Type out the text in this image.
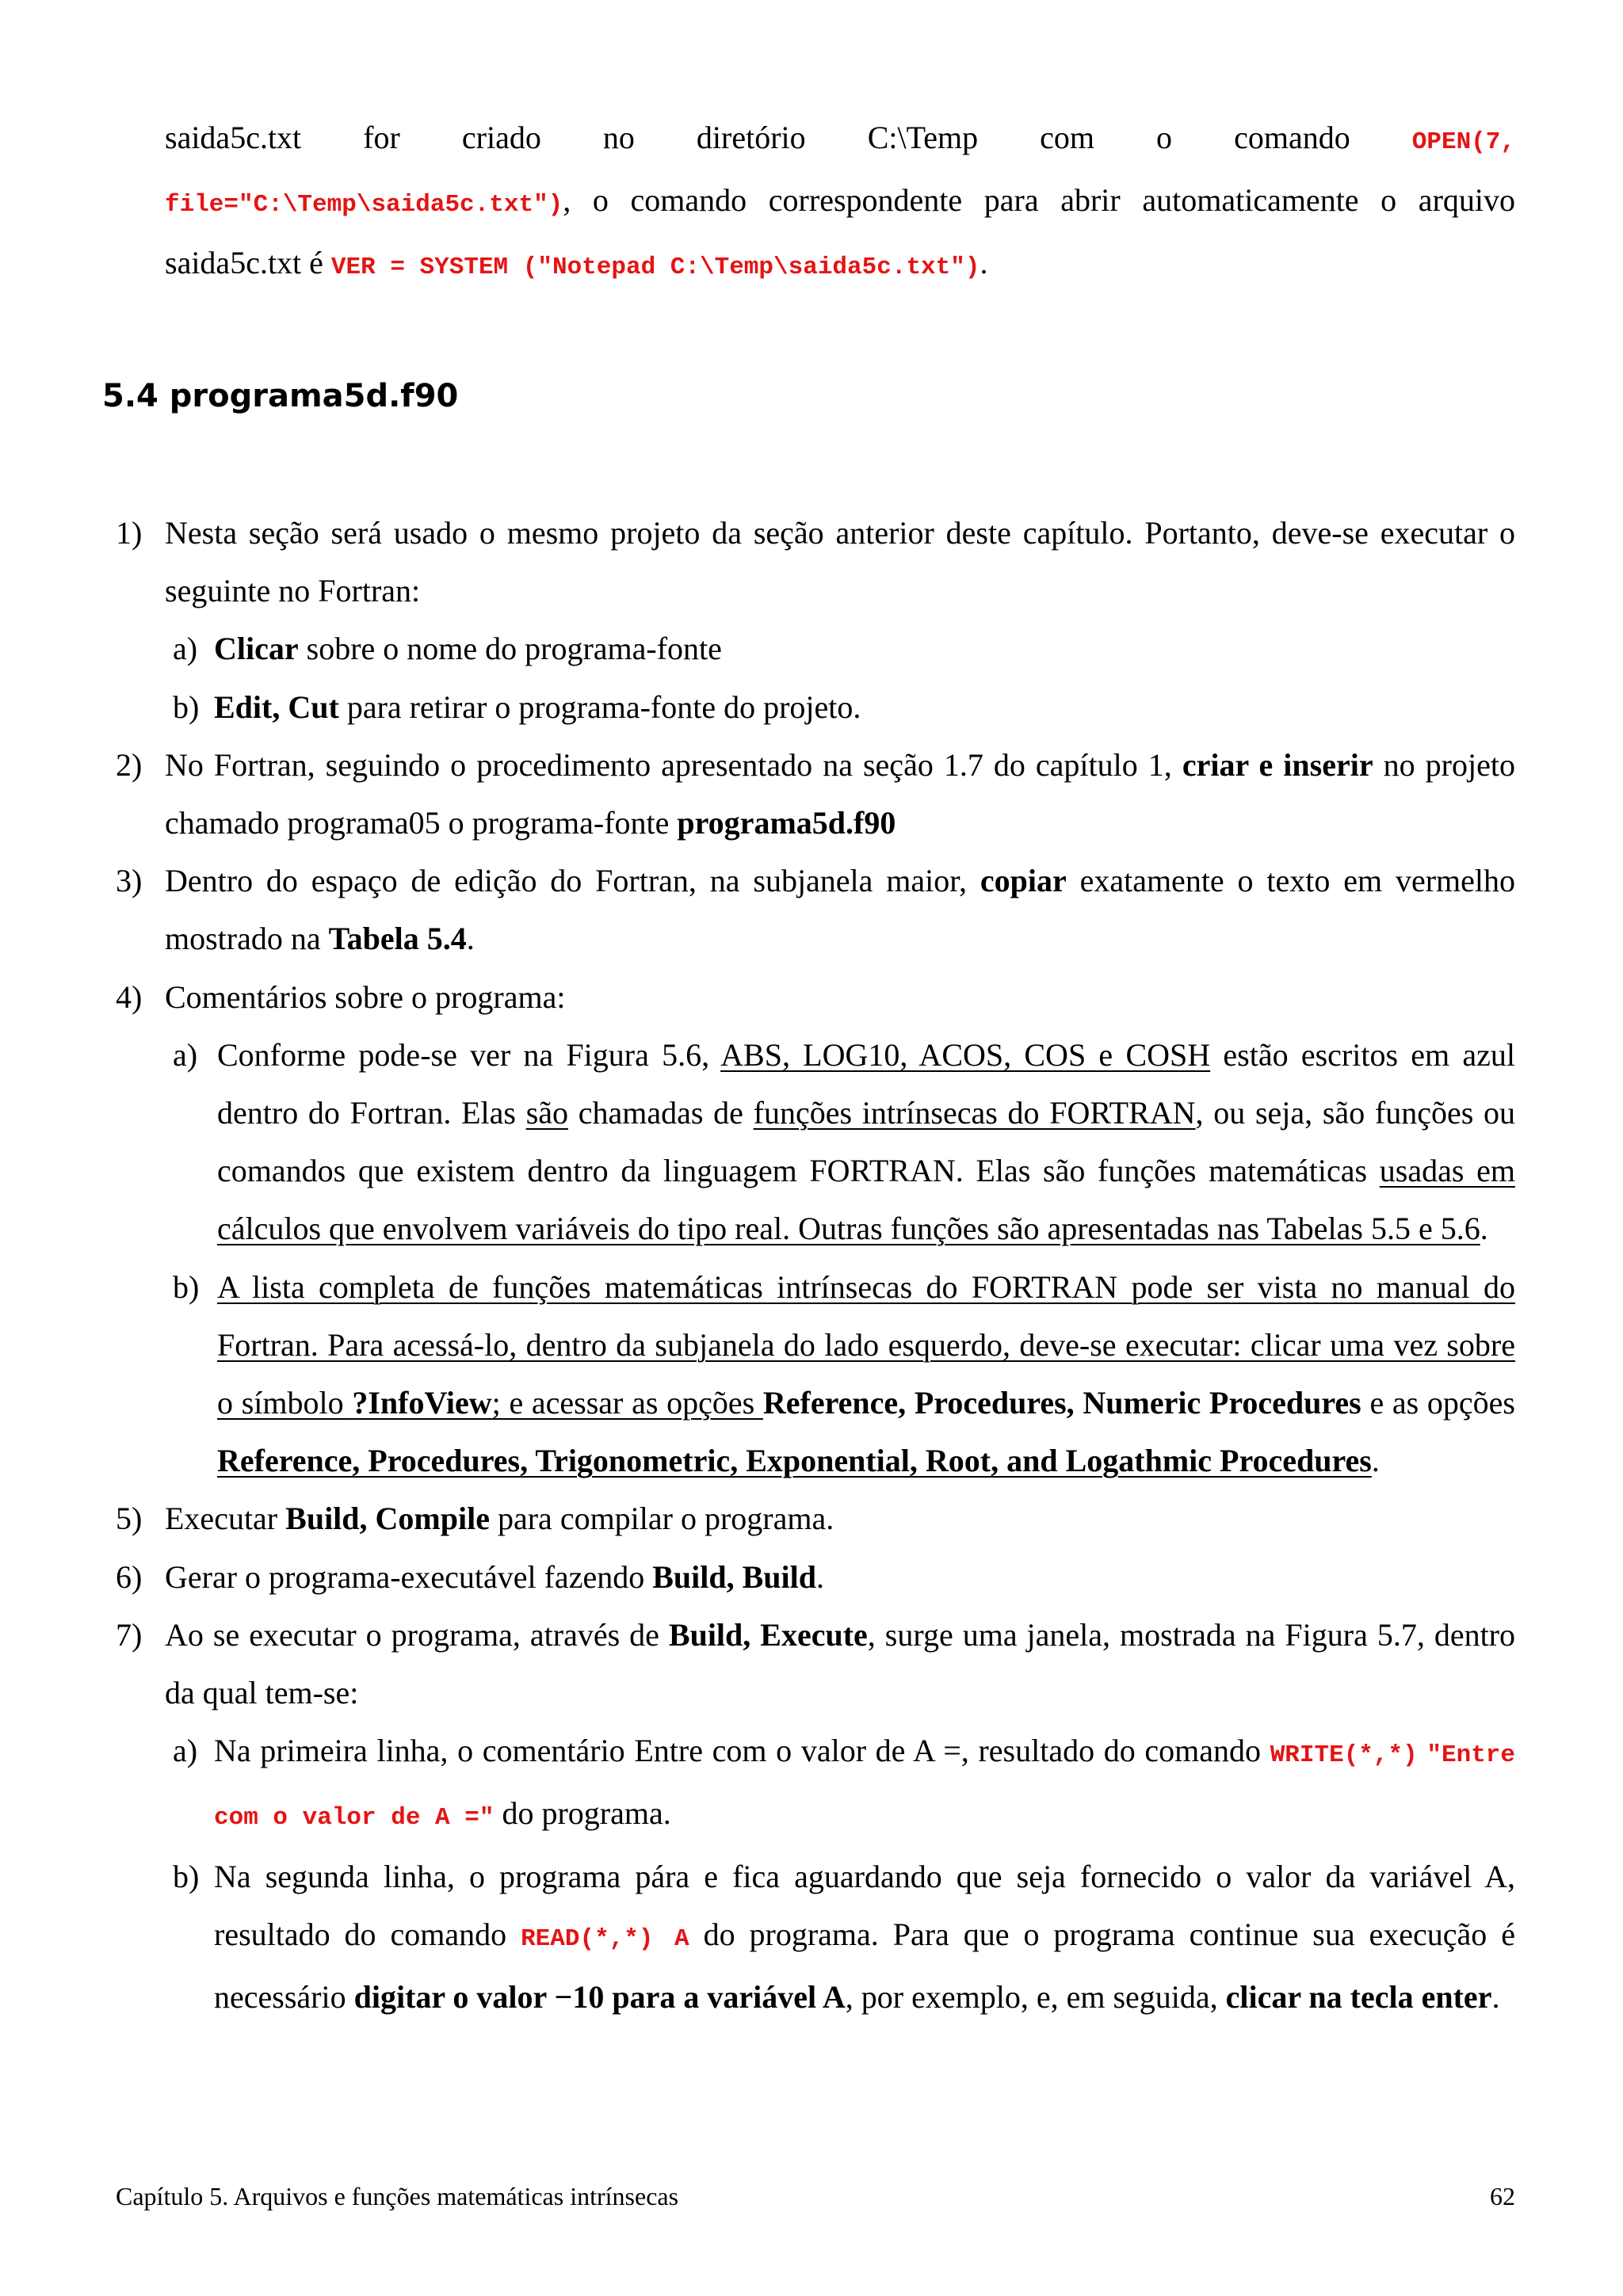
saida5c.txt for criado no diretório C:\Temp com o comando OPEN(7,
file="C:\Temp\saida5c.txt"), o comando correspondente para abrir automaticamente o arquivo
saida5c.txt é VER = SYSTEM ("Notepad C:\Temp\saida5c.txt").
5.4 programa5d.f90
1) Nesta seção será usado o mesmo projeto da seção anterior deste capítulo. Portanto, deve-se executar o seguinte no Fortran:
a) Clicar sobre o nome do programa-fonte
b) Edit, Cut para retirar o programa-fonte do projeto.
2) No Fortran, seguindo o procedimento apresentado na seção 1.7 do capítulo 1, criar e inserir no projeto chamado programa05 o programa-fonte programa5d.f90
3) Dentro do espaço de edição do Fortran, na subjanela maior, copiar exatamente o texto em vermelho mostrado na Tabela 5.4.
4) Comentários sobre o programa:
a) Conforme pode-se ver na Figura 5.6, ABS, LOG10, ACOS, COS e COSH estão escritos em azul dentro do Fortran. Elas são chamadas de funções intrínsecas do FORTRAN, ou seja, são funções ou comandos que existem dentro da linguagem FORTRAN. Elas são funções matemáticas usadas em cálculos que envolvem variáveis do tipo real. Outras funções são apresentadas nas Tabelas 5.5 e 5.6.
b) A lista completa de funções matemáticas intrínsecas do FORTRAN pode ser vista no manual do Fortran. Para acessá-lo, dentro da subjanela do lado esquerdo, deve-se executar: clicar uma vez sobre o símbolo ?InfoView; e acessar as opções Reference, Procedures, Numeric Procedures e as opções Reference, Procedures, Trigonometric, Exponential, Root, and Logathmic Procedures.
5) Executar Build, Compile para compilar o programa.
6) Gerar o programa-executável fazendo Build, Build.
7) Ao se executar o programa, através de Build, Execute, surge uma janela, mostrada na Figura 5.7, dentro da qual tem-se:
a) Na primeira linha, o comentário Entre com o valor de A =, resultado do comando WRITE(*,*) "Entre com o valor de A =" do programa.
b) Na segunda linha, o programa pára e fica aguardando que seja fornecido o valor da variável A, resultado do comando READ(*,*) A do programa. Para que o programa continue sua execução é necessário digitar o valor −10 para a variável A, por exemplo, e, em seguida, clicar na tecla enter.
Capítulo 5. Arquivos e funções matemáticas intrínsecas	62
